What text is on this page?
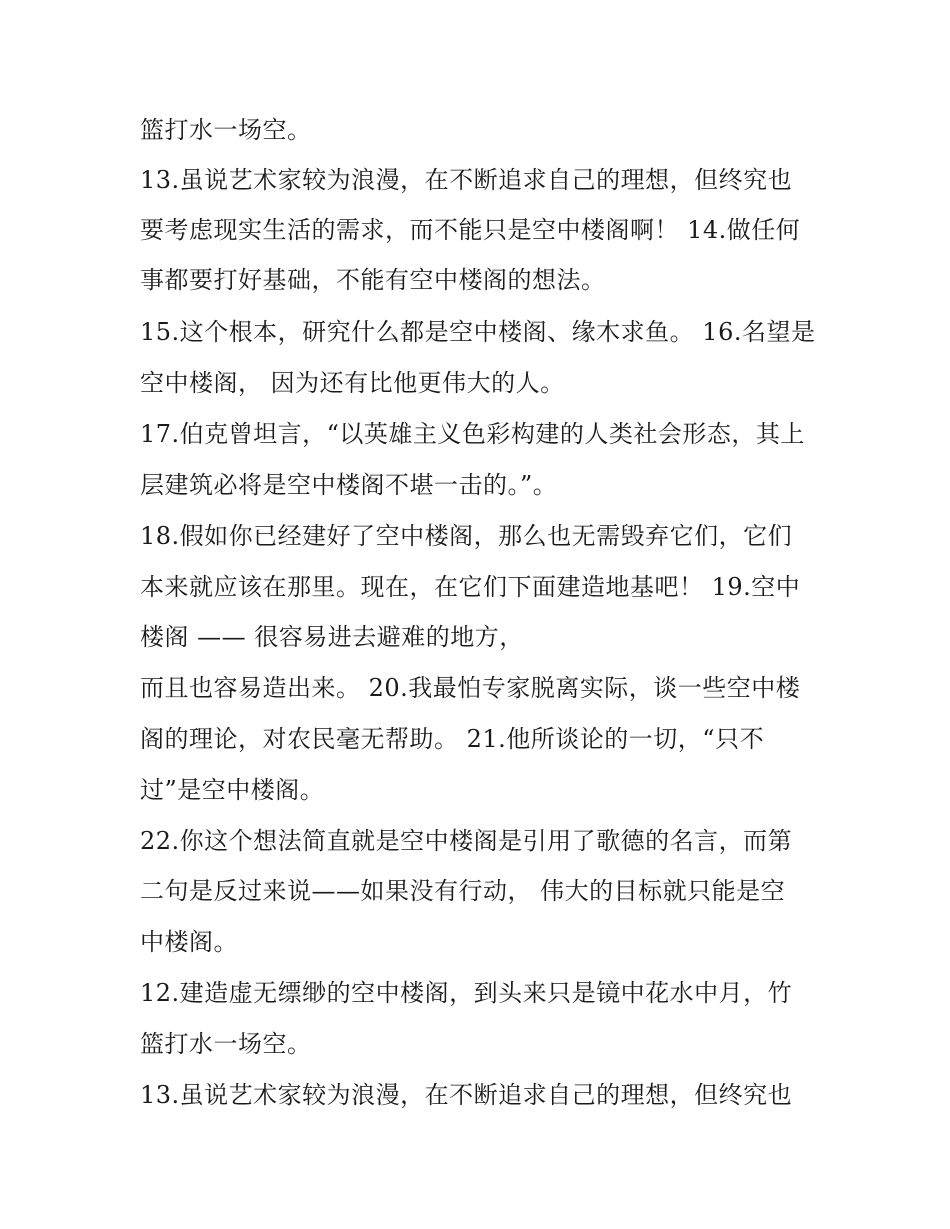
篮打水一场空。
13.虽说艺术家较为浪漫，在不断追求自己的理想，但终究也
要考虑现实生活的需求，而不能只是空中楼阁啊！ 14.做任何
事都要打好基础，不能有空中楼阁的想法。
15.这个根本，研究什么都是空中楼阁、缘木求鱼。 16.名望是
空中楼阁， 因为还有比他更伟大的人。
17.伯克曾坦言，“以英雄主义色彩构建的人类社会形态，其上
层建筑必将是空中楼阁不堪一击的。”。
18.假如你已经建好了空中楼阁，那么也无需毁弃它们，它们
本来就应该在那里。现在，在它们下面建造地基吧！ 19.空中
楼阁 —— 很容易进去避难的地方，
而且也容易造出来。 20.我最怕专家脱离实际，谈一些空中楼
阁的理论，对农民毫无帮助。 21.他所谈论的一切，“只不
过”是空中楼阁。
22.你这个想法简直就是空中楼阁是引用了歌德的名言，而第
二句是反过来说——如果没有行动， 伟大的目标就只能是空
中楼阁。
12.建造虚无缥缈的空中楼阁，到头来只是镜中花水中月，竹
篮打水一场空。
13.虽说艺术家较为浪漫，在不断追求自己的理想，但终究也
